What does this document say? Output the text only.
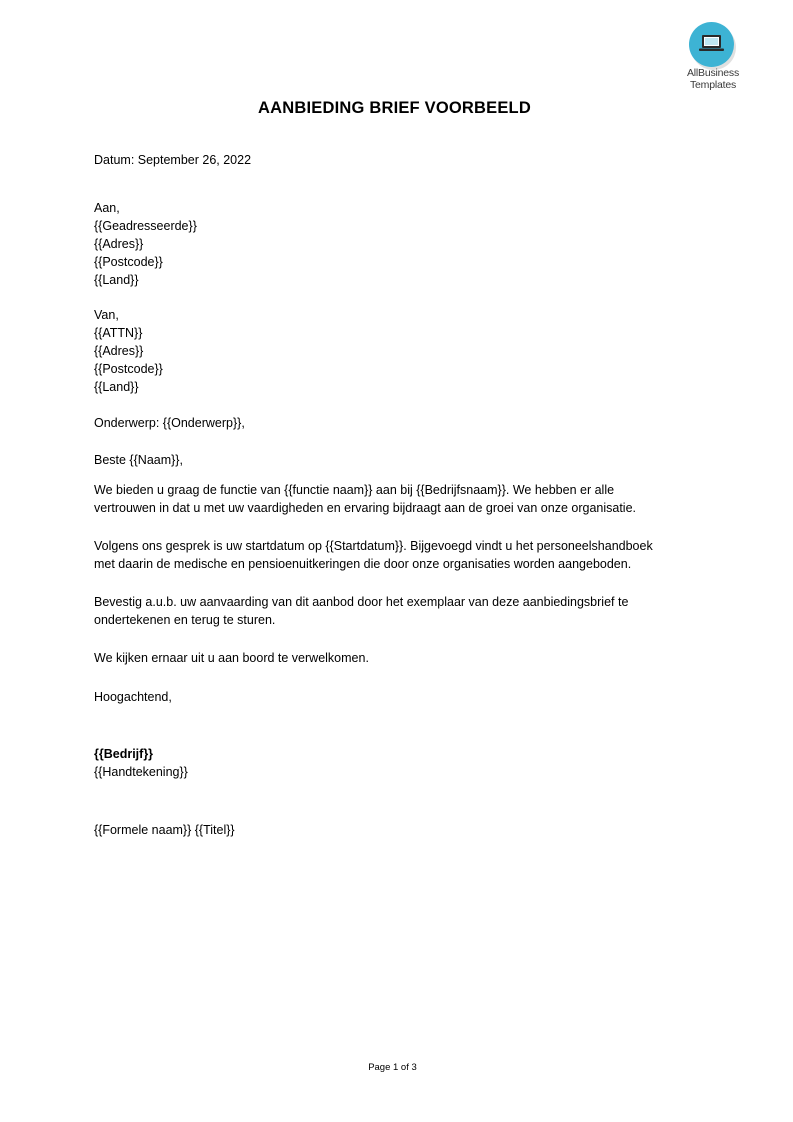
AllBusiness
Templates
AANBIEDING BRIEF VOORBEELD
Datum: September 26, 2022
Aan,
{{Geadresseerde}}
{{Adres}}
{{Postcode}}
{{Land}}
Van,
{{ATTN}}
{{Adres}}
{{Postcode}}
{{Land}}
Onderwerp: {{Onderwerp}},
Beste {{Naam}},
We bieden u graag de functie van {{functie naam}} aan bij {{Bedrijfsnaam}}. We hebben er alle
vertrouwen in dat u met uw vaardigheden en ervaring bijdraagt aan de groei van onze organisatie.
Volgens ons gesprek is uw startdatum op {{Startdatum}}. Bijgevoegd vindt u het personeelshandboek
met daarin de medische en pensioenuitkeringen die door onze organisaties worden aangeboden.
Bevestig a.u.b. uw aanvaarding van dit aanbod door het exemplaar van deze aanbiedingsbrief te
ondertekenen en terug te sturen.
We kijken ernaar uit u aan boord te verwelkomen.
Hoogachtend,
{{Bedrijf}}
{{Handtekening}}
{{Formele naam}} {{Titel}}
Page 1 of 3
